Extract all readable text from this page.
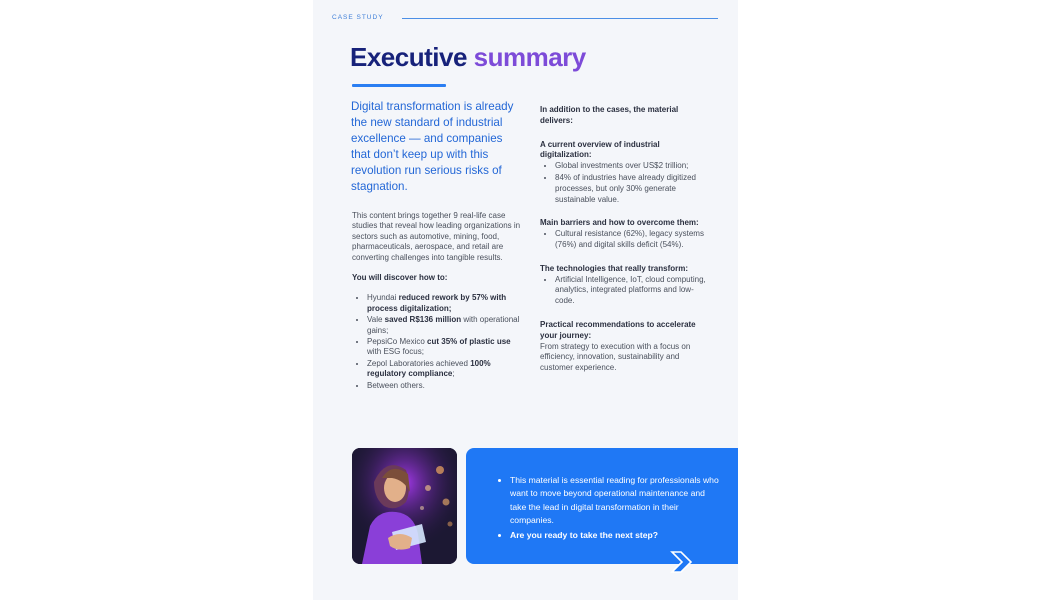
CASE STUDY
Executive summary
Digital transformation is already the new standard of industrial excellence — and companies that don’t keep up with this revolution run serious risks of stagnation.

This content brings together 9 real-life case studies that reveal how leading organizations in sectors such as automotive, mining, food, pharmaceuticals, aerospace, and retail are converting challenges into tangible results.

You will discover how to:

• Hyundai reduced rework by 57% with process digitalization;
• Vale saved R$136 million with operational gains;
• PepsiCo Mexico cut 35% of plastic use with ESG focus;
• Zepol Laboratories achieved 100% regulatory compliance;
• Between others.

In addition to the cases, the material delivers:

A current overview of industrial digitalization:

• Global investments over US$2 trillion;
• 84% of industries have already digitized processes, but only 30% generate sustainable value.

Main barriers and how to overcome them:

• Cultural resistance (62%), legacy systems (76%) and digital skills deficit (54%).

The technologies that really transform:

• Artificial Intelligence, IoT, cloud computing, analytics, integrated platforms and low-code.

Practical recommendations to accelerate your journey:

From strategy to execution with a focus on efficiency, innovation, sustainability and customer experience.

• This material is essential reading for professionals who want to move beyond operational maintenance and take the lead in digital transformation in their companies.
• Are you ready to take the next step?
